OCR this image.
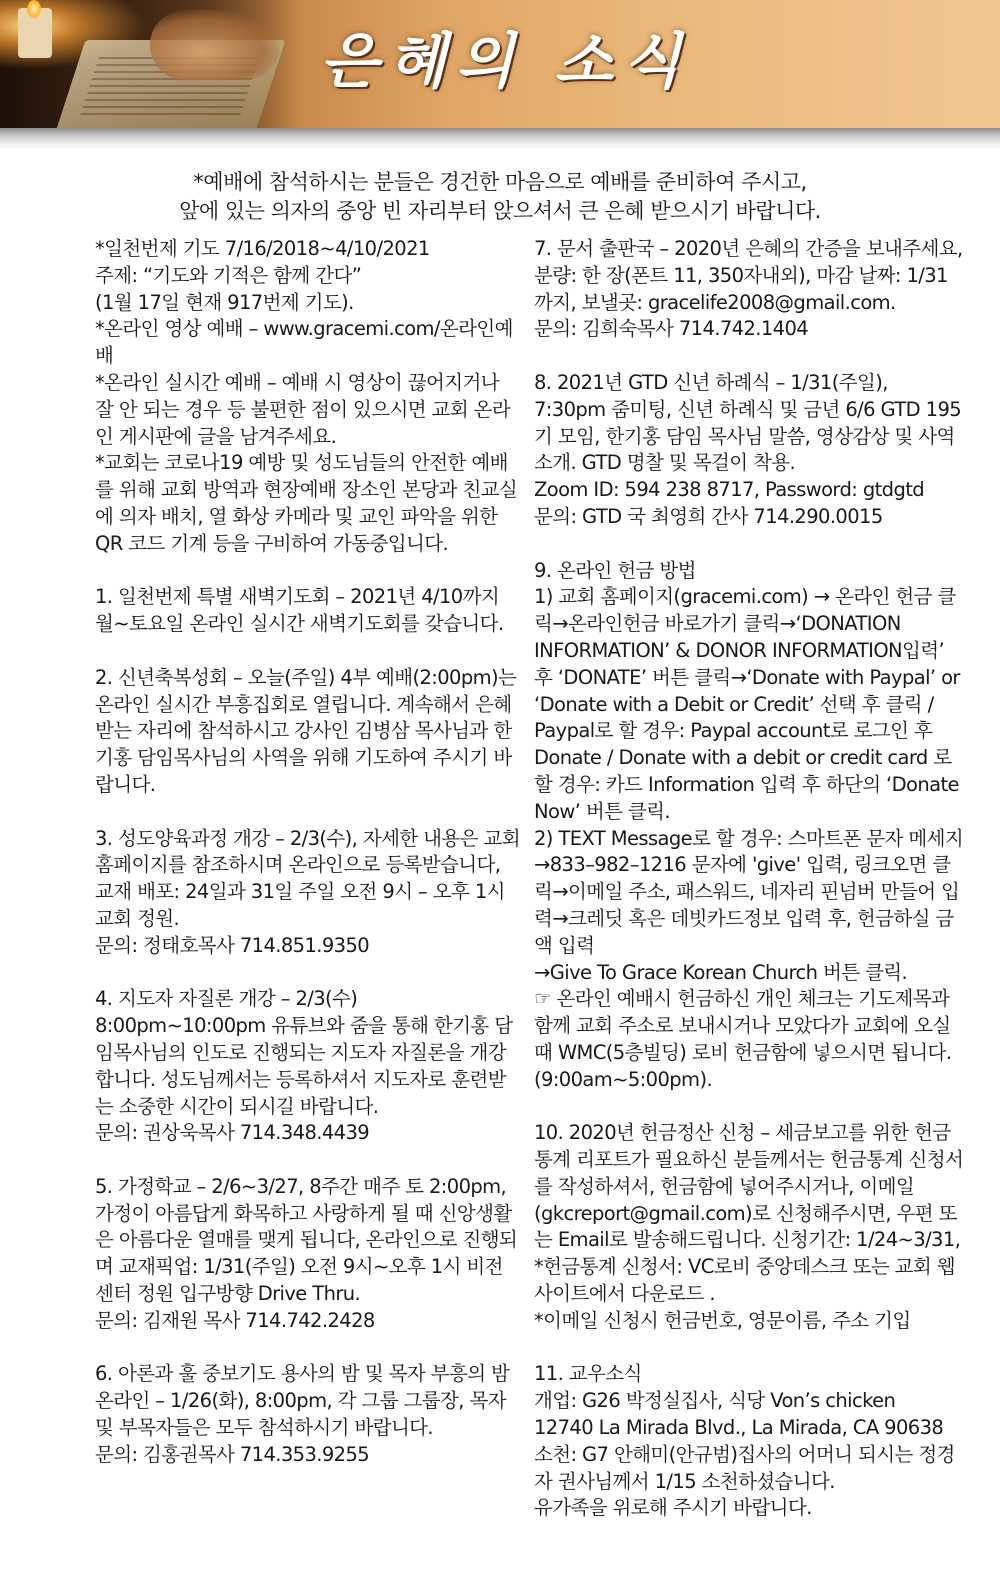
은혜의 소식

*예배에 참석하시는 분들은 경건한 마음으로 예배를 준비하여 주시고,

앞에 있는 의자의 중앙 빈 자리부터 앉으셔서 큰 은혜 받으시기 바랍니다.

*일천번제 기도 7/16/2018~4/10/2021

주제: “기도와 기적은 함께 간다”

(1월 17일 현재 917번제 기도).

*온라인 영상 예배 – www.gracemi.com/온라인예배

*온라인 실시간 예배 – 예배 시 영상이 끊어지거나 잘 안 되는 경우 등 불편한 점이 있으시면 교회 온라인 게시판에 글을 남겨주세요.

*교회는 코로나19 예방 및 성도님들의 안전한 예배를 위해 교회 방역과 현장예배 장소인 본당과 친교실에 의자 배치, 열 화상 카메라 및 교인 파악을 위한 QR 코드 기계 등을 구비하여 가동중입니다.

1. 일천번제 특별 새벽기도회 – 2021년 4/10까지 월~토요일 온라인 실시간 새벽기도회를 갖습니다.

2. 신년축복성회 – 오늘(주일) 4부 예배(2:00pm)는 온라인 실시간 부흥집회로 열립니다. 계속해서 은혜 받는 자리에 참석하시고 강사인 김병삼 목사님과 한기홍 담임목사님의 사역을 위해 기도하여 주시기 바랍니다.

3. 성도양육과정 개강 – 2/3(수), 자세한 내용은 교회 홈페이지를 참조하시며 온라인으로 등록받습니다, 교재 배포: 24일과 31일 주일 오전 9시 – 오후 1시 교회 정원.

문의: 정태호목사 714.851.9350

4. 지도자 자질론 개강 – 2/3(수) 8:00pm~10:00pm 유튜브와 줌을 통해 한기홍 담임목사님의 인도로 진행되는 지도자 자질론을 개강합니다. 성도님께서는 등록하셔서 지도자로 훈련받는 소중한 시간이 되시길 바랍니다.

문의: 권상욱목사 714.348.4439

5. 가정학교 – 2/6~3/27, 8주간 매주 토 2:00pm, 가정이 아름답게 화목하고 사랑하게 될 때 신앙생활은 아름다운 열매를 맺게 됩니다, 온라인으로 진행되며 교재픽업: 1/31(주일) 오전 9시~오후 1시 비전센터 정원 입구방향 Drive Thru.

문의: 김재원 목사 714.742.2428

6. 아론과 훌 중보기도 용사의 밤 및 목자 부흥의 밤 온라인 – 1/26(화), 8:00pm, 각 그룹 그룹장, 목자 및 부목자들은 모두 참석하시기 바랍니다.

문의: 김홍권목사 714.353.9255

7. 문서 출판국 – 2020년 은혜의 간증을 보내주세요, 분량: 한 장(폰트 11, 350자내외), 마감 날짜: 1/31 까지, 보낼곳: gracelife2008@gmail.com.

문의: 김희숙목사 714.742.1404

8. 2021년 GTD 신년 하례식 – 1/31(주일), 7:30pm 줌미팅, 신년 하례식 및 금년 6/6 GTD 195기 모임, 한기홍 담임 목사님 말씀, 영상감상 및 사역소개. GTD 명찰 및 목걸이 착용.

Zoom ID: 594 238 8717, Password: gtdgtd

문의: GTD 국 최영희 간사 714.290.0015

9. 온라인 헌금 방법

1) 교회 홈페이지(gracemi.com) → 온라인 헌금 클릭→온라인헌금 바로가기 클릭→‘DONATION INFORMATION’ & DONOR INFORMATION입력’ 후 ‘DONATE’ 버튼 클릭→‘Donate with Paypal’ or ‘Donate with a Debit or Credit’ 선택 후 클릭 / Paypal로 할 경우: Paypal account로 로그인 후 Donate / Donate with a debit or credit card 로 할 경우: 카드 Information 입력 후 하단의 ‘Donate Now’ 버튼 클릭.

2) TEXT Message로 할 경우: 스마트폰 문자 메세지→833–982–1216 문자에 'give' 입력, 링크오면 클릭→이메일 주소, 패스워드, 네자리 핀넘버 만들어 입력→크레딧 혹은 데빗카드정보 입력 후, 헌금하실 금액 입력

→Give To Grace Korean Church 버튼 클릭.

☞ 온라인 예배시 헌금하신 개인 체크는 기도제목과 함께 교회 주소로 보내시거나 모았다가 교회에 오실 때 WMC(5층빌딩) 로비 헌금함에 넣으시면 됩니다. (9:00am~5:00pm).

10. 2020년 헌금정산 신청 – 세금보고를 위한 헌금통계 리포트가 필요하신 분들께서는 헌금통계 신청서를 작성하셔서, 헌금함에 넣어주시거나, 이메일(gkcreport@gmail.com)로 신청해주시면, 우편 또는 Email로 발송해드립니다. 신청기간: 1/24~3/31, *헌금통계 신청서: VC로비 중앙데스크 또는 교회 웹사이트에서 다운로드 .

*이메일 신청시 헌금번호, 영문이름, 주소 기입

11. 교우소식

개업: G26 박정실집사, 식당 Von’s chicken

12740 La Mirada Blvd., La Mirada, CA 90638

소천: G7 안해미(안규범)집사의 어머니 되시는 정경자 권사님께서 1/15 소천하셨습니다.

유가족을 위로해 주시기 바랍니다.
